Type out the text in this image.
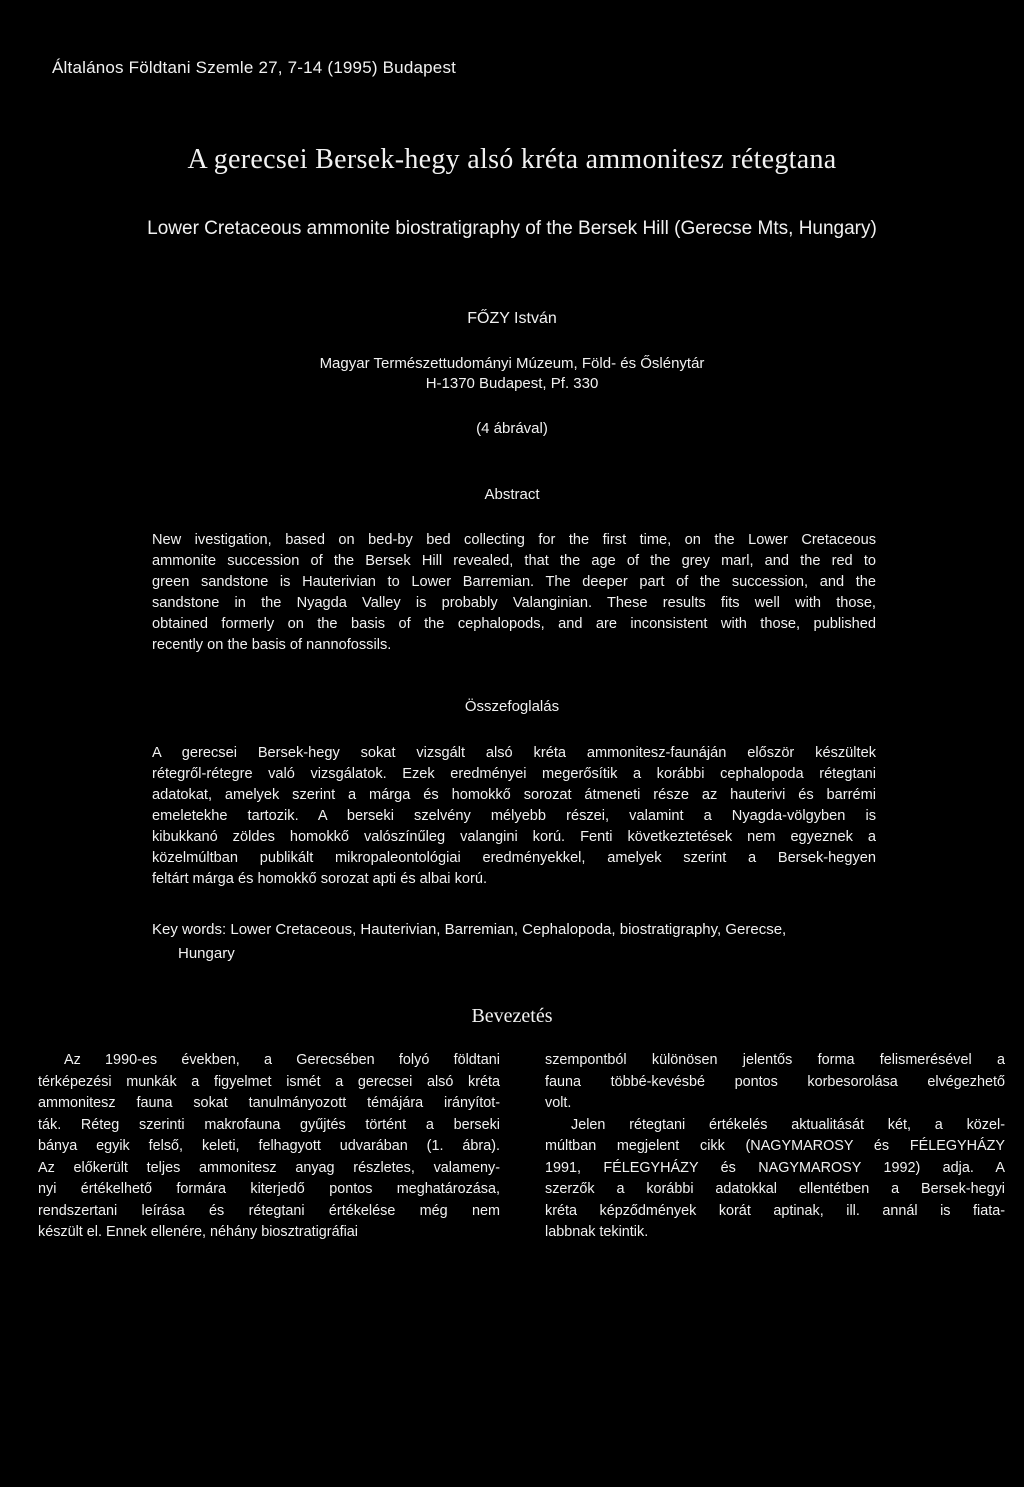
Általános Földtani Szemle 27, 7-14 (1995) Budapest
A gerecsei Bersek-hegy alsó kréta ammonitesz rétegtana
Lower Cretaceous ammonite biostratigraphy of the Bersek Hill (Gerecse Mts, Hungary)
FŐZY István
Magyar Természettudományi Múzeum, Föld- és Őslénytár
H-1370 Budapest, Pf. 330
(4 ábrával)
Abstract
New ivestigation, based on bed-by bed collecting for the first time, on the Lower Cretaceous
ammonite succession of the Bersek Hill revealed, that the age of the grey marl, and the red to
green sandstone is Hauterivian to Lower Barremian. The deeper part of the succession, and the
sandstone in the Nyagda Valley is probably Valanginian. These results fits well with those,
obtained formerly on the basis of the cephalopods, and are inconsistent with those, published
recently on the basis of nannofossils.
Összefoglalás
A gerecsei Bersek-hegy sokat vizsgált alsó kréta ammonitesz-faunáján először készültek
rétegről-rétegre való vizsgálatok. Ezek eredményei megerősítik a korábbi cephalopoda rétegtani
adatokat, amelyek szerint a márga és homokkő sorozat átmeneti része az hauterivi és barrémi
emeletekhe tartozik. A berseki szelvény mélyebb részei, valamint a Nyagda-völgyben is
kibukkanó zöldes homokkő valószínűleg valangini korú. Fenti következtetések nem egyeznek a
közelmúltban publikált mikropaleontológiai eredményekkel, amelyek szerint a Bersek-hegyen
feltárt márga és homokkő sorozat apti és albai korú.
Key words: Lower Cretaceous, Hauterivian, Barremian, Cephalopoda, biostratigraphy, Gerecse,
Hungary
Bevezetés
Az 1990-es években, a Gerecsében folyó földtani
térképezési munkák a figyelmet ismét a gerecsei alsó kréta
ammonitesz fauna sokat tanulmányozott témájára irányítot-
ták. Réteg szerinti makrofauna gyűjtés történt a berseki
bánya egyik felső, keleti, felhagyott udvarában (1. ábra).
Az előkerült teljes ammonitesz anyag részletes, valameny-
nyi értékelhető formára kiterjedő pontos meghatározása,
rendszertani leírása és rétegtani értékelése még nem
készült el. Ennek ellenére, néhány biosztratigráfiai
szempontból különösen jelentős forma felismerésével a
fauna többé-kevésbé pontos korbesorolása elvégezhető
volt.
Jelen rétegtani értékelés aktualitását két, a közel-
múltban megjelent cikk (NAGYMAROSY és FÉLEGYHÁZY
1991, FÉLEGYHÁZY és NAGYMAROSY 1992) adja. A
szerzők a korábbi adatokkal ellentétben a Bersek-hegyi
kréta képződmények korát aptinak, ill. annál is fiata-
labbnak tekintik.
